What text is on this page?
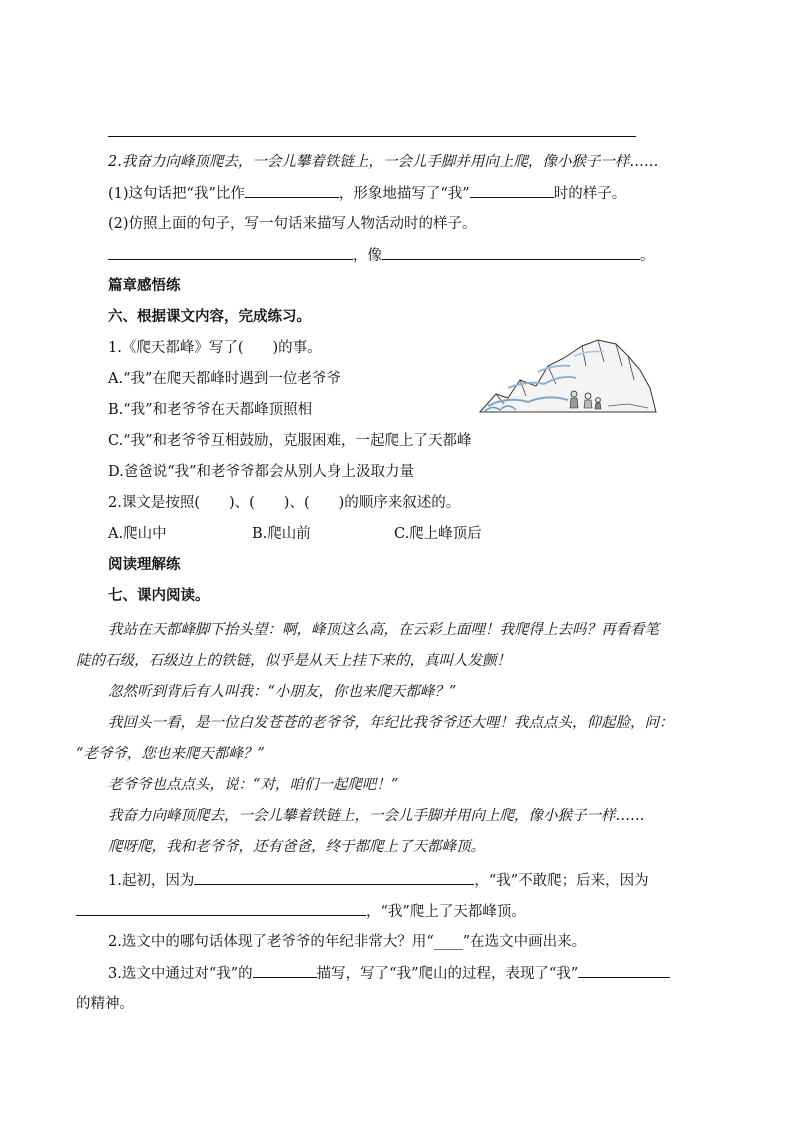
2.我奋力向峰顶爬去，一会儿攀着铁链上，一会儿手脚并用向上爬，像小猴子一样……
(1)这句话把“我”比作	，形象地描写了“我”	时的样子。
(2)仿照上面的句子，写一句话来描写人物活动时的样子。
，像	。
篇章感悟练
六、根据课文内容，完成练习。
1.《爬天都峰》写了(　　)的事。
A.“我”在爬天都峰时遇到一位老爷爷
B.“我”和老爷爷在天都峰顶照相
C.“我”和老爷爷互相鼓励，克服困难，一起爬上了天都峰
D.爸爸说“我”和老爷爷都会从别人身上汲取力量
2.课文是按照(　　)、(　　)、(　　)的顺序来叙述的。
A.爬山中	B.爬山前	C.爬上峰顶后
阅读理解练
七、课内阅读。
我站在天都峰脚下抬头望：啊，峰顶这么高，在云彩上面哩！我爬得上去吗？再看看笔
陡的石级，石级边上的铁链，似乎是从天上挂下来的，真叫人发颤！
忽然听到背后有人叫我：“小朋友，你也来爬天都峰？”
我回头一看，是一位白发苍苍的老爷爷，年纪比我爷爷还大哩！我点点头，仰起脸，问：
“老爷爷，您也来爬天都峰？”
老爷爷也点点头，说：“对，咱们一起爬吧！”
我奋力向峰顶爬去，一会儿攀着铁链上，一会儿手脚并用向上爬，像小猴子一样……
爬呀爬，我和老爷爷，还有爸爸，终于都爬上了天都峰顶。
1.起初，因为	，“我”不敢爬；后来，因为
，“我”爬上了天都峰顶。
2.选文中的哪句话体现了老爷爷的年纪非常大？用“____”在选文中画出来。
3.选文中通过对“我”的	描写，写了“我”爬山的过程，表现了“我”
的精神。
